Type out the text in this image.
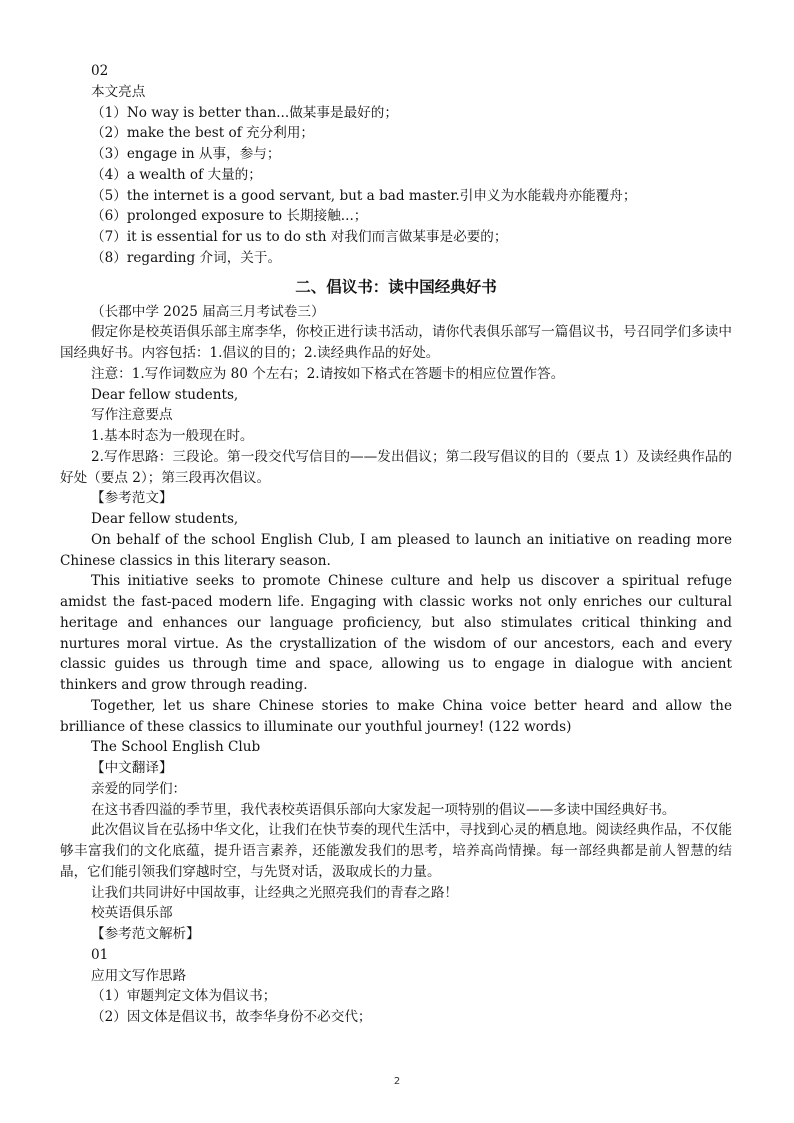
02
本文亮点
（1）No way is better than...做某事是最好的；
（2）make the best of 充分利用；
（3）engage in 从事，参与；
（4）a wealth of 大量的；
（5）the internet is a good servant, but a bad master.引申义为水能载舟亦能覆舟；
（6）prolonged exposure to 长期接触...；
（7）it is essential for us to do sth 对我们而言做某事是必要的；
（8）regarding 介词，关于。
二、倡议书：读中国经典好书
（长郡中学 2025 届高三月考试卷三）
假定你是校英语俱乐部主席李华，你校正进行读书活动，请你代表俱乐部写一篇倡议书，号召同学们多读中国经典好书。内容包括：1.倡议的目的；2.读经典作品的好处。
注意：1.写作词数应为 80 个左右；2.请按如下格式在答题卡的相应位置作答。
Dear fellow students,
写作注意要点
1.基本时态为一般现在时。
2.写作思路：三段论。第一段交代写信目的——发出倡议；第二段写倡议的目的（要点 1）及读经典作品的好处（要点 2）；第三段再次倡议。
【参考范文】
Dear fellow students,
On behalf of the school English Club, I am pleased to launch an initiative on reading more Chinese classics in this literary season.
This initiative seeks to promote Chinese culture and help us discover a spiritual refuge amidst the fast-paced modern life. Engaging with classic works not only enriches our cultural heritage and enhances our language proficiency, but also stimulates critical thinking and nurtures moral virtue. As the crystallization of the wisdom of our ancestors, each and every classic guides us through time and space, allowing us to engage in dialogue with ancient thinkers and grow through reading.
Together, let us share Chinese stories to make China voice better heard and allow the brilliance of these classics to illuminate our youthful journey! (122 words)
The School English Club
【中文翻译】
亲爱的同学们：
在这书香四溢的季节里，我代表校英语俱乐部向大家发起一项特别的倡议——多读中国经典好书。
此次倡议旨在弘扬中华文化，让我们在快节奏的现代生活中，寻找到心灵的栖息地。阅读经典作品，不仅能够丰富我们的文化底蕴，提升语言素养，还能激发我们的思考，培养高尚情操。每一部经典都是前人智慧的结晶，它们能引领我们穿越时空，与先贤对话，汲取成长的力量。
让我们共同讲好中国故事，让经典之光照亮我们的青春之路！
校英语俱乐部
【参考范文解析】
01
应用文写作思路
（1）审题判定文体为倡议书；
（2）因文体是倡议书，故李华身份不必交代；
2
